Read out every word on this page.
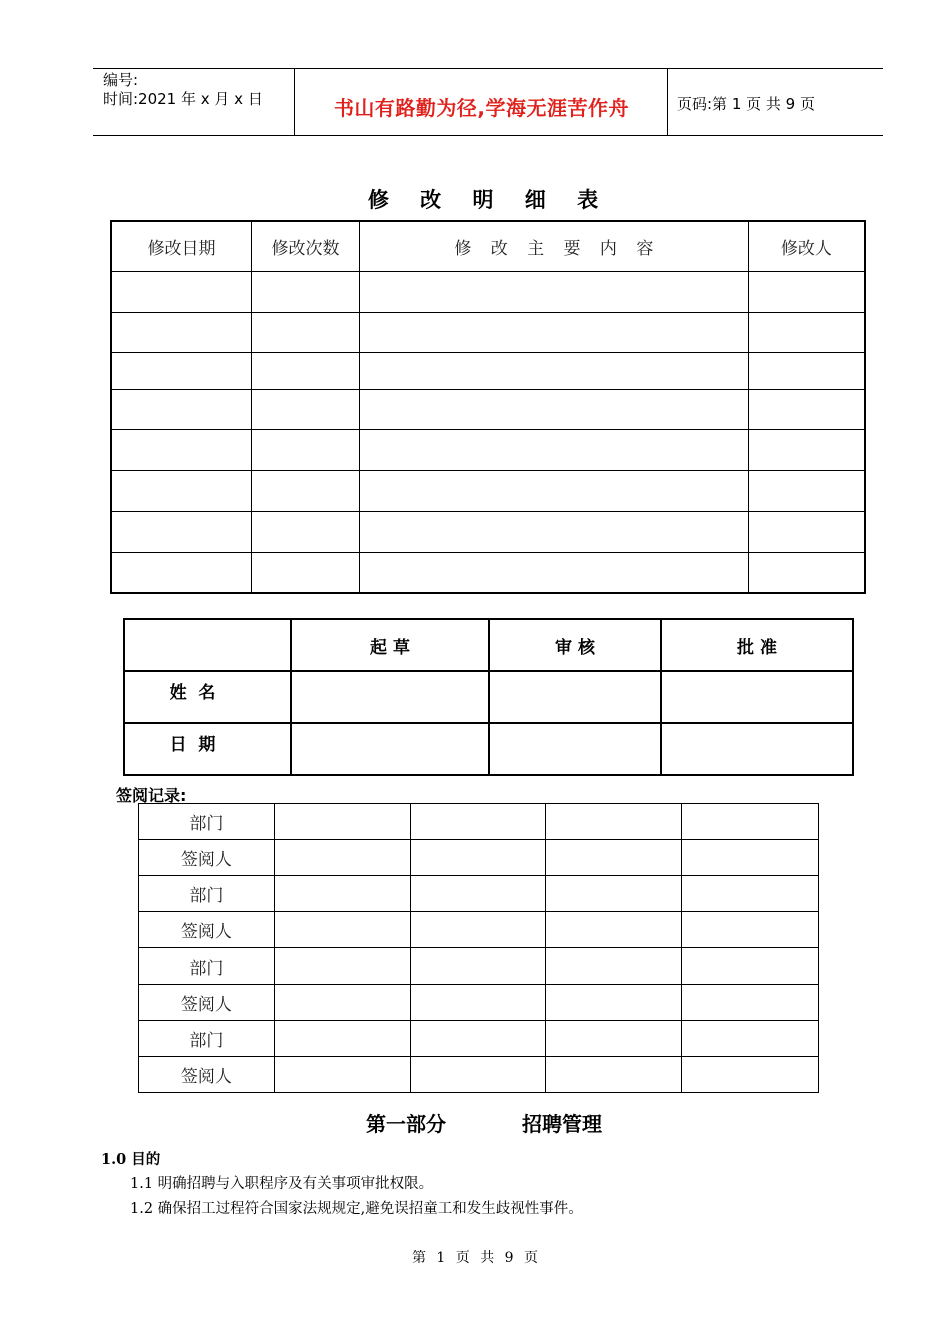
编号:
时间:2021 年 x 月 x 日	书山有路勤为径,学海无涯苦作舟	页码:第 1 页 共 9 页
修 改 明 细 表
修改日期	修改次数	修 改 主 要 内 容	修改人

	起 草	审 核	批 准
姓  名			
日  期			
签阅记录:
部门				
签阅人				
部门				
签阅人				
部门				
签阅人				
部门				
签阅人				
第一部分	招聘管理
1.0 目的
1.1 明确招聘与入职程序及有关事项审批权限。
1.2 确保招工过程符合国家法规规定,避免误招童工和发生歧视性事件。
第 1 页 共 9 页
